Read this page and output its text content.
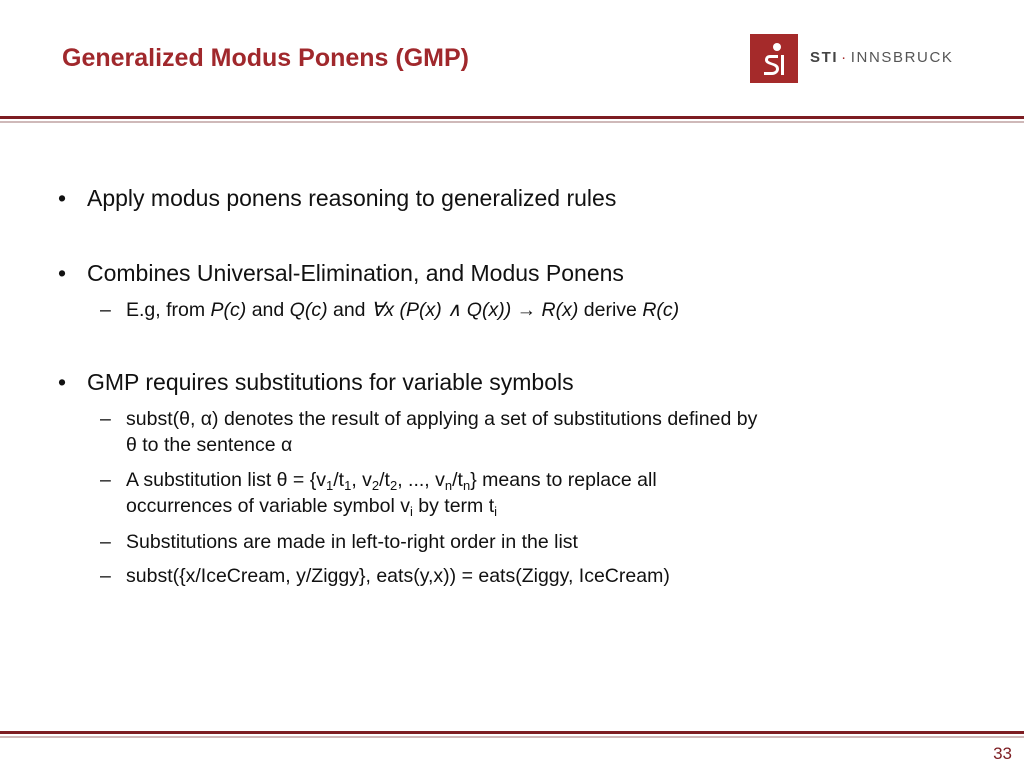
Generalized Modus Ponens (GMP)	STI · INNSBRUCK
• Apply modus ponens reasoning to generalized rules
• Combines Universal-Elimination, and Modus Ponens
– E.g, from P(c) and Q(c) and ∀x (P(x) ∧ Q(x)) → R(x) derive R(c)
• GMP requires substitutions for variable symbols
– subst(θ, α) denotes the result of applying a set of substitutions defined by
θ to the sentence α
– A substitution list $\theta = \{v_1/t_1$, $v_2/t_2$, ..., $v_n/t_n$} means to replace all
occurrences of variable symbol $v_i$ by term $t_i$
– Substitutions are made in left-to-right order in the list
– subst({x/IceCream, y/Ziggy}, eats(y,x)) = eats(Ziggy, IceCream)
33
